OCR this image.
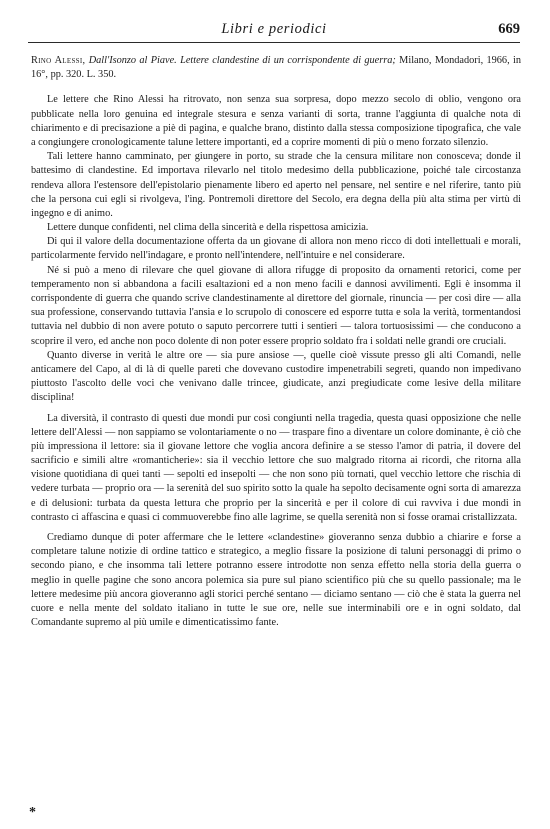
Libri e periodici	669
Rino Alessi, Dall'Isonzo al Piave. Lettere clandestine di un corrispondente di guerra; Milano, Mondadori, 1966, in 16°, pp. 320. L. 350.

Le lettere che Rino Alessi ha ritrovato, non senza sua sorpresa, dopo mezzo secolo di oblio, vengono ora pubblicate nella loro genuina ed integrale stesura e senza varianti di sorta, tranne l'aggiunta di qualche nota di chiarimento e di precisazione a piè di pagina, e qualche brano, distinto dalla stessa composizione tipografica, che vale a congiungere cronologicamente talune lettere importanti, ed a coprire momenti di più o meno forzato silenzio.

Tali lettere hanno camminato, per giungere in porto, su strade che la censura militare non conosceva; donde il battesimo di clandestine. Ed importava rilevarlo nel titolo medesimo della pubblicazione, poiché tale circostanza rendeva allora l'estensore dell'epistolario pienamente libero ed aperto nel pensare, nel sentire e nel riferire, tanto più che la persona cui egli si rivolgeva, l'ing. Pontremoli direttore del Secolo, era degna della più alta stima per virtù di ingegno e di animo.

Lettere dunque confidenti, nel clima della sincerità e della rispettosa amicizia.

Di qui il valore della documentazione offerta da un giovane di allora non meno ricco di doti intellettuali e morali, particolarmente fervido nell'indagare, e pronto nell'intendere, nell'intuire e nel considerare.

Né si può a meno di rilevare che quel giovane di allora rifugge di proposito da ornamenti retorici, come per temperamento non si abbandona a facili esaltazioni ed a non meno facili e dannosi avvilimenti. Egli è insomma il corrispondente di guerra che quando scrive clandestinamente al direttore del giornale, rinuncia — per così dire — alla sua professione, conservando tuttavia l'ansia e lo scrupolo di conoscere ed esporre tutta e sola la verità, tormentandosi tuttavia nel dubbio di non avere potuto o saputo percorrere tutti i sentieri — talora tortuosissimi — che conducono a scoprire il vero, ed anche non poco dolente di non poter essere proprio soldato fra i soldati nelle grandi ore cruciali.

Quanto diverse in verità le altre ore — sia pure ansiose —, quelle cioè vissute presso gli alti Comandi, nelle anticamere del Capo, al di là di quelle pareti che dovevano custodire impenetrabili segreti, quando non impedivano piuttosto l'ascolto delle voci che venivano dalle trincee, giudicate, anzi pregiudicate come lesive della militare disciplina!

La diversità, il contrasto di questi due mondi pur così congiunti nella tragedia, questa quasi opposizione che nelle lettere dell'Alessi — non sappiamo se volontariamente o no — traspare fino a diventare un colore dominante, è ciò che più impressiona il lettore: sia il giovane lettore che voglia ancora definire a se stesso l'amor di patria, il dovere del sacrificio e simili altre «romanticherie»: sia il vecchio lettore che suo malgrado ritorna ai ricordi, che ritorna alla visione quotidiana di quei tanti — sepolti ed insepolti — che non sono più tornati, quel vecchio lettore che rischia di vedere turbata — proprio ora — la serenità del suo spirito sotto la quale ha sepolto decisamente ogni sorta di amarezza e di delusioni: turbata da questa lettura che proprio per la sincerità e per il colore di cui ravviva i due mondi in contrasto ci affascina e quasi ci commuoverebbe fino alle lagrime, se quella serenità non si fosse oramai cristallizzata.

Crediamo dunque di poter affermare che le lettere «clandestine» gioveranno senza dubbio a chiarire e forse a completare talune notizie di ordine tattico e strategico, a meglio fissare la posizione di taluni personaggi di primo o secondo piano, e che insomma tali lettere potranno essere introdotte non senza effetto nella storia della guerra o meglio in quelle pagine che sono ancora polemica sia pure sul piano scientifico più che su quello passionale; ma le lettere medesime più ancora gioveranno agli storici perché sentano — diciamo sentano — ciò che è stata la guerra nel cuore e nella mente del soldato italiano in tutte le sue ore, nelle sue interminabili ore e in ogni soldato, dal Comandante supremo al più umile e dimenticatissimo fante.

*
